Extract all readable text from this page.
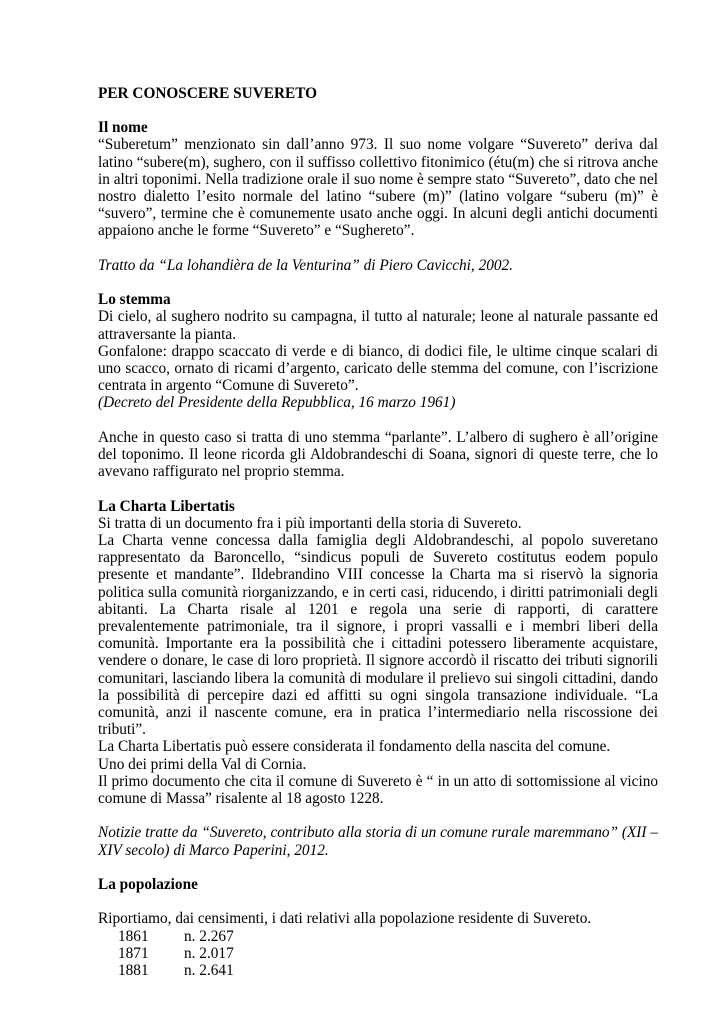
PER CONOSCERE SUVERETO

Il nome

“Suberetum” menzionato sin dall’anno 973. Il suo nome volgare “Suvereto” deriva dal latino “subere(m), sughero, con il suffisso collettivo fitonimico (étu(m) che si ritrova anche in altri toponimi. Nella tradizione orale il suo nome è sempre stato “Suvereto”, dato che nel nostro dialetto l’esito normale del latino “subere (m)” (latino volgare “suberu (m)” è “suvero”, termine che è comunemente usato anche oggi. In alcuni degli antichi documenti appaiono anche le forme “Suvereto” e “Sughereto”.

Tratto da “La lohandièra de la Venturina” di Piero Cavicchi, 2002.

Lo stemma

Di cielo, al sughero nodrito su campagna, il tutto al naturale; leone al naturale passante ed attraversante la pianta.

Gonfalone: drappo scaccato di verde e di bianco, di dodici file, le ultime cinque scalari di uno scacco, ornato di ricami d’argento, caricato delle stemma del comune, con l’iscrizione centrata in argento “Comune di Suvereto”.

(Decreto del Presidente della Repubblica, 16 marzo 1961)

Anche in questo caso si tratta di uno stemma “parlante”. L’albero di sughero è all’origine del toponimo. Il leone ricorda gli Aldobrandeschi di Soana, signori di queste terre, che lo avevano raffigurato nel proprio stemma.

La Charta Libertatis

Si tratta di un documento fra i più importanti della storia di Suvereto.

La Charta venne concessa dalla famiglia degli Aldobrandeschi, al popolo suveretano rappresentato da Baroncello, “sindicus populi de Suvereto costitutus eodem populo presente et mandante”. Ildebrandino VIII concesse la Charta ma si riservò la signoria politica sulla comunità riorganizzando, e in certi casi, riducendo, i diritti patrimoniali degli abitanti. La Charta risale al 1201 e regola una serie di rapporti, di carattere prevalentemente patrimoniale, tra il signore, i propri vassalli e i membri liberi della comunità. Importante era la possibilità che i cittadini potessero liberamente acquistare, vendere o donare, le case di loro proprietà. Il signore accordò il riscatto dei tributi signorili comunitari, lasciando libera la comunità di modulare il prelievo sui singoli cittadini, dando la possibilità di percepire dazi ed affitti su ogni singola transazione individuale. “La comunità, anzi il nascente comune, era in pratica l’intermediario nella riscossione dei tributi”.

La Charta Libertatis può essere considerata il fondamento della nascita del comune.

Uno dei primi della Val di Cornia.

Il primo documento che cita il comune di Suvereto è “ in un atto di sottomissione al vicino comune di Massa” risalente al 18 agosto 1228.

Notizie tratte da “Suvereto, contributo alla storia di un comune rurale maremmano” (XII – XIV secolo) di Marco Paperini, 2012.

La popolazione

Riportiamo, dai censimenti, i dati relativi alla popolazione residente di Suvereto.

1861	n. 2.267
1871	n. 2.017
1881	n. 2.641
